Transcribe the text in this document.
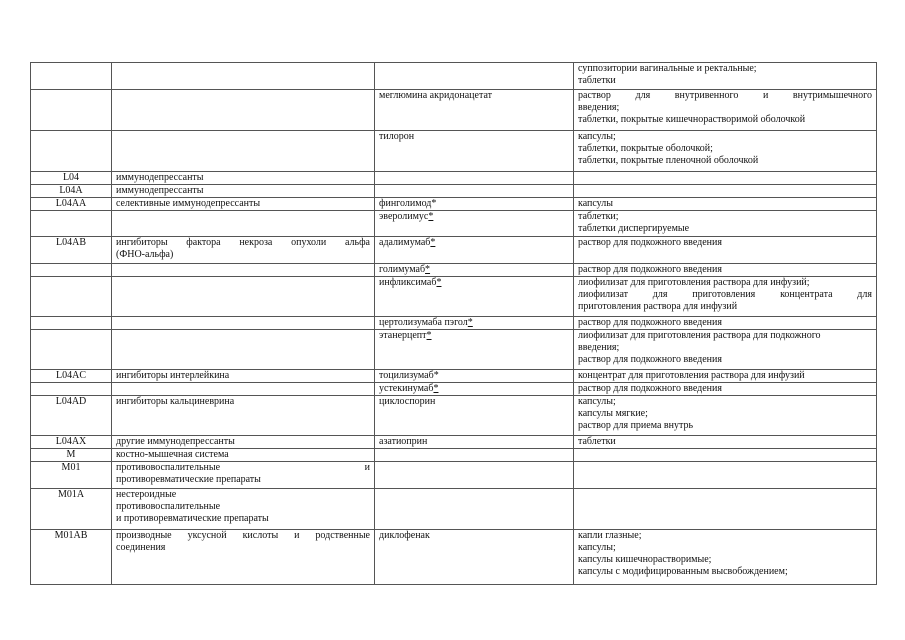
			суппозитории вагинальные и ректальные;
таблетки

		меглюмина акридонацетат	раствор для внутривенного и внутримышечного
введения;
таблетки, покрытые кишечнорастворимой оболочкой

		тилорон	капсулы;
таблетки, покрытые оболочкой;
таблетки, покрытые пленочной оболочкой

L04	иммунодепрессанты		
L04A	иммунодепрессанты		
L04AA	селективные иммунодепрессанты	финголимод*	капсулы

		эверолимус*	таблетки;
таблетки диспергируемые

L04AB	ингибиторы фактора некроза опухоли альфа
(ФНО-альфа)	адалимумаб*	раствор для подкожного введения

		голимумаб*	раствор для подкожного введения

		инфликсимаб*	лиофилизат для приготовления раствора для инфузий;
лиофилизат для приготовления концентрата для
приготовления раствора для инфузий

		цертолизумаба пэгол*	раствор для подкожного введения

		этанерцепт*	лиофилизат для приготовления раствора для подкожного
введения;
раствор для подкожного введения

L04AC	ингибиторы интерлейкина	тоцилизумаб*	концентрат для приготовления раствора для инфузий

		устекинумаб*	раствор для подкожного введения

L04AD	ингибиторы кальциневрина	циклоспорин	капсулы;
капсулы мягкие;
раствор для приема внутрь

L04AX	другие иммунодепрессанты	азатиоприн	таблетки

M	костно-мышечная система		
M01	противовоспалительные и
противоревматические препараты		

M01A	нестероидные
противовоспалительные
и противоревматические препараты		

M01AB	производные уксусной кислоты и родственные
соединения	диклофенак	капли глазные;
капсулы;
капсулы кишечнорастворимые;
капсулы с модифицированным высвобождением;
